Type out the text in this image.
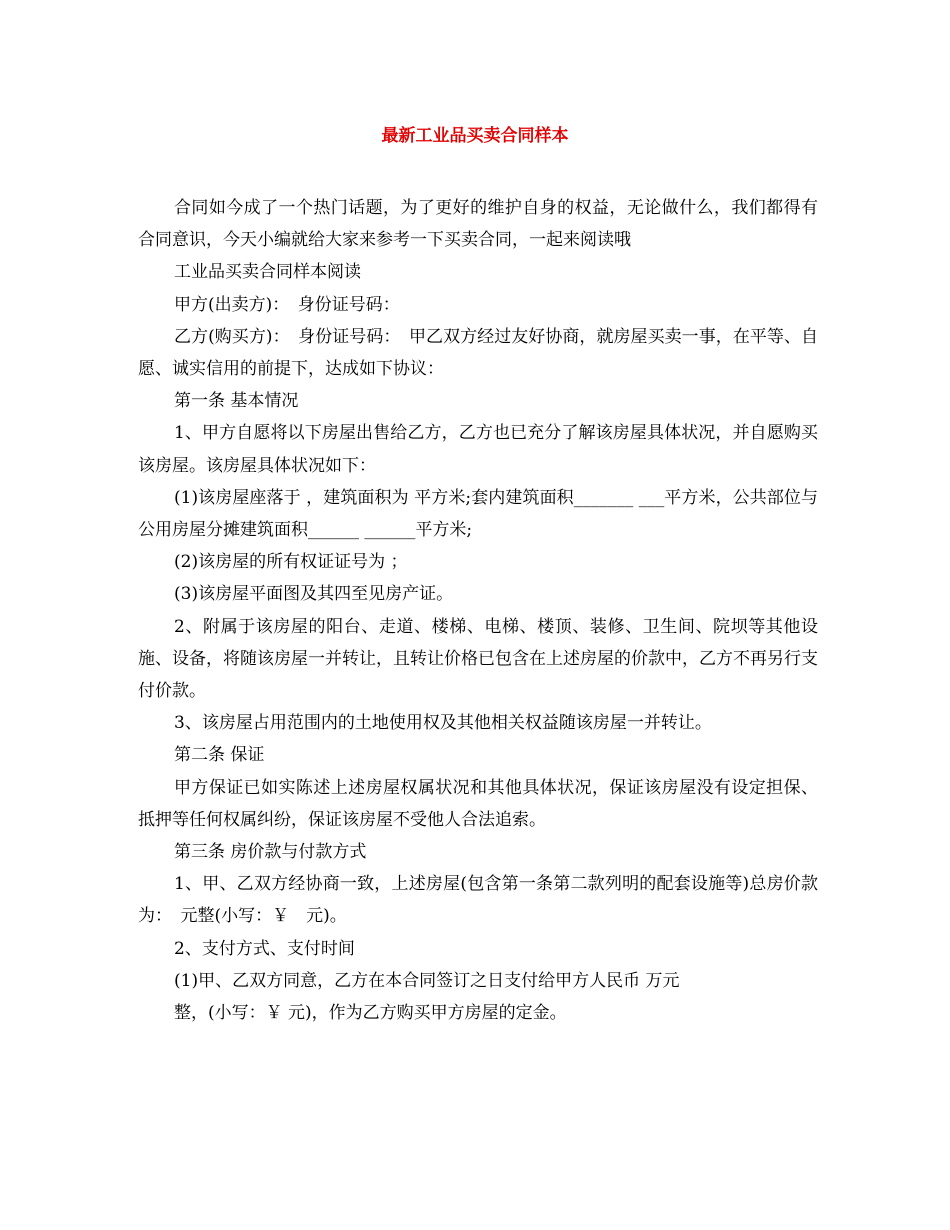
最新工业品买卖合同样本

合同如今成了一个热门话题，为了更好的维护自身的权益，无论做什么，我们都得有合同意识，今天小编就给大家来参考一下买卖合同，一起来阅读哦

工业品买卖合同样本阅读

甲方(出卖方)：　身份证号码：

乙方(购买方)：　身份证号码：　甲乙双方经过友好协商，就房屋买卖一事，在平等、自愿、诚实信用的前提下，达成如下协议：

第一条 基本情况

1、甲方自愿将以下房屋出售给乙方，乙方也已充分了解该房屋具体状况，并自愿购买该房屋。该房屋具体状况如下：

(1)该房屋座落于 ，建筑面积为 平方米;套内建筑面积_______ ___平方米，公共部位与公用房屋分摊建筑面积______ ______平方米;

(2)该房屋的所有权证证号为 ；

(3)该房屋平面图及其四至见房产证。

2、附属于该房屋的阳台、走道、楼梯、电梯、楼顶、装修、卫生间、院坝等其他设施、设备，将随该房屋一并转让，且转让价格已包含在上述房屋的价款中，乙方不再另行支付价款。

3、该房屋占用范围内的土地使用权及其他相关权益随该房屋一并转让。

第二条 保证

甲方保证已如实陈述上述房屋权属状况和其他具体状况，保证该房屋没有设定担保、抵押等任何权属纠纷，保证该房屋不受他人合法追索。

第三条 房价款与付款方式

1、甲、乙双方经协商一致，上述房屋(包含第一条第二款列明的配套设施等)总房价款为：　元整(小写：￥　元)。

2、支付方式、支付时间

(1)甲、乙双方同意，乙方在本合同签订之日支付给甲方人民币 万元

整，(小写：￥ 元)，作为乙方购买甲方房屋的定金。
